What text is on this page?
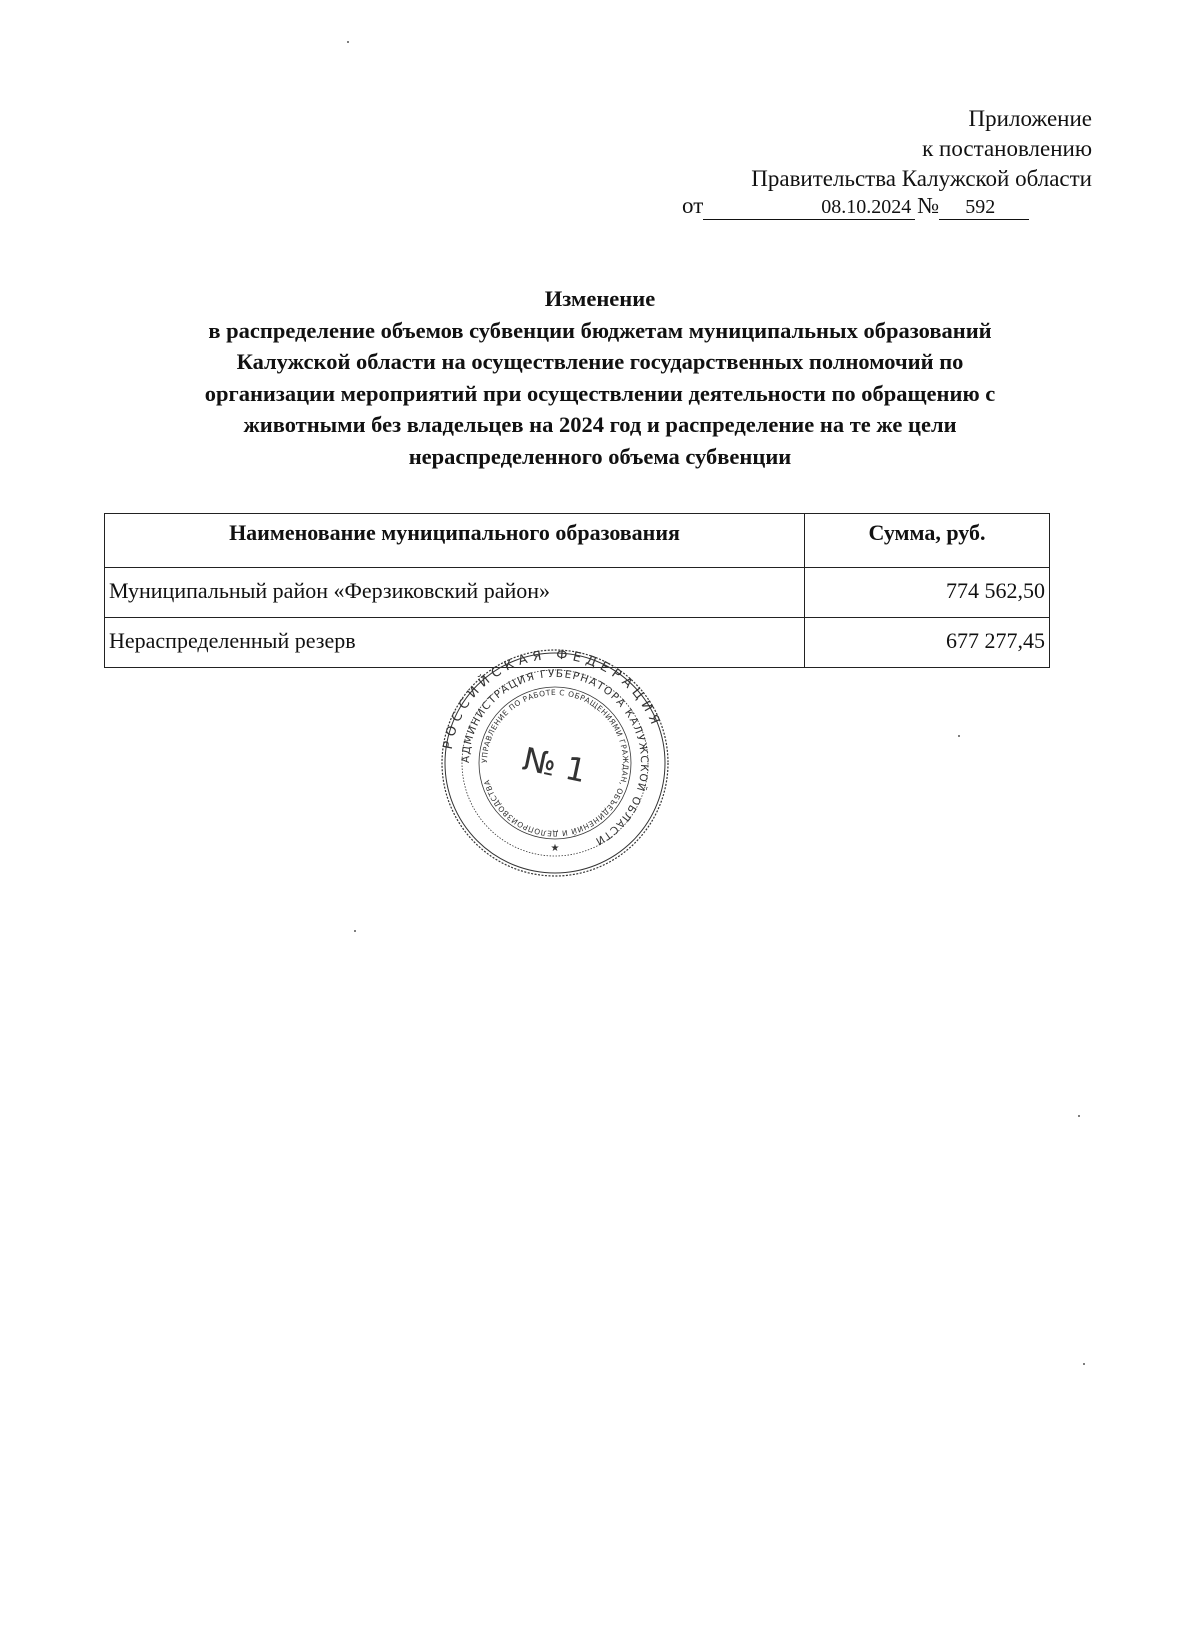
Приложение
к постановлению
Правительства Калужской области
от	08.10.2024 № 592
Изменение
в распределение объемов субвенции бюджетам муниципальных образований
Калужской области на осуществление государственных полномочий по
организации мероприятий при осуществлении деятельности по обращению с
животными без владельцев на 2024 год и распределение на те же цели
нераспределенного объема субвенции
Наименование муниципального образования	Сумма, руб.
Муниципальный район «Ферзиковский район»	774 562,50
Нераспределенный резерв	677 277,45
РОССИЙСКАЯ ФЕДЕРАЦИЯ
АДМИНИСТРАЦИЯ ГУБЕРНАТОРА КАЛУЖСКОЙ ОБЛАСТИ
УПРАВЛЕНИЕ ПО РАБОТЕ С ОБРАЩЕНИЯМИ ГРАЖДАН, ОБЪЕДИНЕНИЙ И ДЕЛОПРОИЗВОДСТВА № 1
★
